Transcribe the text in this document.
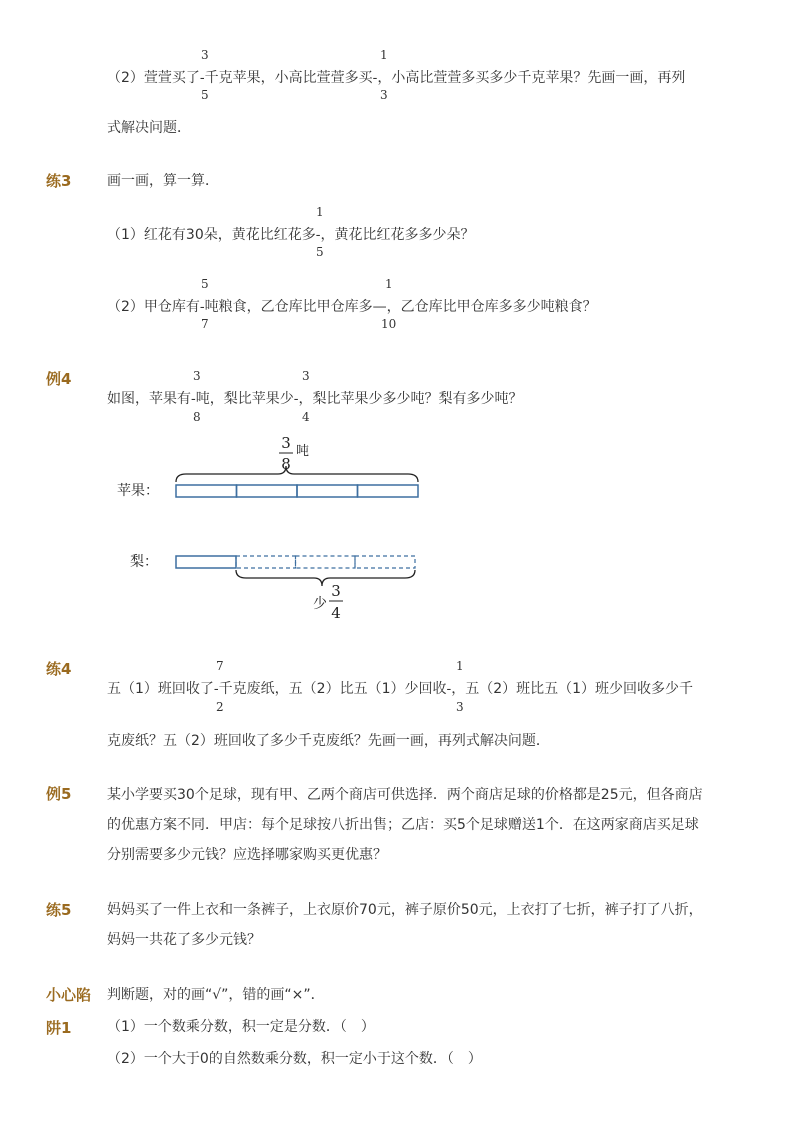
3
5
1
3
（2）萱萱买了-千克苹果，小高比萱萱多买-，小高比萱萱多买多少千克苹果？先画一画，再列
式解决问题．
练3	画一画，算一算．
1
5
（1）红花有30朵，黄花比红花多-，黄花比红花多多少朵？
5
7
1
10
（2）甲仓库有-吨粮食，乙仓库比甲仓库多—，乙仓库比甲仓库多多少吨粮食？
例4	3
8
3
4
如图，苹果有-吨，梨比苹果少-，梨比苹果少多少吨？梨有多少吨？
3
8
吨
苹果：
梨：
少
3
4
练4	7
2
1
3
五（1）班回收了-千克废纸，五（2）比五（1）少回收-，五（2）班比五（1）班少回收多少千
克废纸？五（2）班回收了多少千克废纸？先画一画，再列式解决问题．
例5	某小学要买30个足球，现有甲、乙两个商店可供选择．两个商店足球的价格都是25元，但各商店
的优惠方案不同．甲店：每个足球按八折出售；乙店：买5个足球赠送1个．在这两家商店买足球
分别需要多少元钱？应选择哪家购买更优惠？
练5	妈妈买了一件上衣和一条裤子，上衣原价70元，裤子原价50元，上衣打了七折，裤子打了八折，
妈妈一共花了多少元钱？
小心陷 判断题，对的画“√”，错的画“×”．
阱1	（1）一个数乘分数，积一定是分数．（　）
（2）一个大于0的自然数乘分数，积一定小于这个数．（　）
